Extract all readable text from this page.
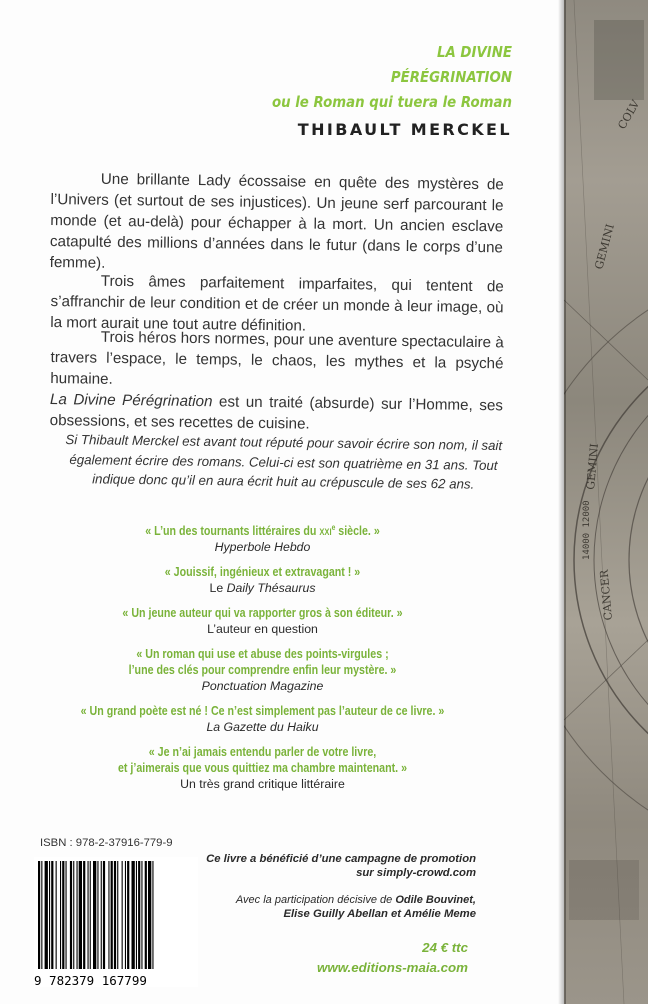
COLV
GEMINI
GEMINI
CANCER
14000 12000
LA DIVINE
PÉRÉGRINATION
ou le Roman qui tuera le Roman
THIBAULT MERCKEL

Une brillante Lady écossaise en quête des mystères de l’Univers (et surtout de ses injustices). Un jeune serf parcourant le monde (et au-delà) pour échapper à la mort. Un ancien esclave catapulté des millions d’années dans le futur (dans le corps d’une femme).

Trois âmes parfaitement imparfaites, qui tentent de s’affranchir de leur condition et de créer un monde à leur image, où la mort aurait une tout autre définition.

Trois héros hors normes, pour une aventure spectaculaire à travers l’espace, le temps, le chaos, les mythes et la psyché humaine.
La Divine Pérégrination est un traité (absurde) sur l’Homme, ses obsessions, et ses recettes de cuisine.

Si Thibault Merckel est avant tout réputé pour savoir écrire son nom, il sait également écrire des romans. Celui-ci est son quatrième en 31 ans. Tout indique donc qu’il en aura écrit huit au crépuscule de ses 62 ans.

« L’un des tournants littéraires du xxi$^e$ siècle. »

Hyperbole Hebdo

« Jouissif, ingénieux et extravagant ! »

Le Daily Thésaurus

« Un jeune auteur qui va rapporter gros à son éditeur. »

L’auteur en question

« Un roman qui use et abuse des points-virgules ;

l’une des clés pour comprendre enfin leur mystère. »

Ponctuation Magazine

« Un grand poète est né ! Ce n’est simplement pas l’auteur de ce livre. »

La Gazette du Haiku

« Je n’ai jamais entendu parler de votre livre,

et j’aimerais que vous quittiez ma chambre maintenant. »

Un très grand critique littéraire

ISBN : 978-2-37916-779-9
9 782379 167799

Ce livre a bénéficié d’une campagne de promotion

sur simply-crowd.com

Avec la participation décisive de Odile Bouvinet,

Elise Guilly Abellan et Amélie Meme

24 € ttc
www.editions-maia.com
